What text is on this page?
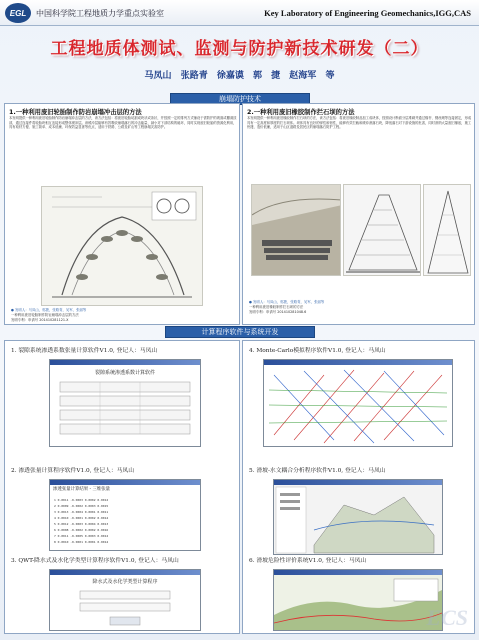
EGL	中国科学院工程地质力学重点实验室	Key Laboratory of Engineering Geomechanics,IGG,CAS
工程地质体测试、监测与防护新技术研发（二）
马凤山 张路青 徐嘉谟 郭 捷 赵海军 等
崩塌防护技术
1.一种利用废旧轮胎制作防岩崩塌冲击层的方法
本发明提供一种利用废旧轮胎制作防岩崩塌冲击层的方法，该方法包括：将废旧轮胎切割成块状或条状，并按照一定的排列方式铺设于需防护的坡面或棚洞顶部，通过连接件将轮胎块相互连接形成整体缓冲层。该缓冲层能够有效吸收崩塌落石的冲击能量，减小对下部结构的破坏，同时实现废旧轮胎的资源化利用，具有取材方便、施工简单、成本低廉、环保效益显著等优点，适用于铁路、公路及矿山等工程崩塌灾害防护。
● 发明人：马凤山，郭捷，张路青，吴军，张丽等
一种利用废旧轮胎制作防岩崩塌冲击层的方法
发明专利：申请号 201410281121.X
2.一种利用废旧橡胶制作拦石坝的方法
本发明提供一种利用废旧橡胶制作拦石坝的方法，该方法包括：将废旧橡胶制品加工成块体，按照设计断面分层堆砌并通过锚杆、钢丝绳等连接固定，形成具有一定高度和厚度的拦石坝体。坝体具有良好的弹性和韧性，能够有效拦截和缓冲滚落石块，降低落石对下游设施的危害，同时消纳大量废旧橡胶，施工快捷、造价低廉，适用于山区道路及居民区的崩塌落石防护工程。
● 发明人：马凤山，郭捷，张路青，吴军，张丽等
一种利用废旧橡胶制作拦石坝的方法
发明专利：申请号 201410281048.6
计算程序软件与系统开发
1. 裂隙系统渗透系数张量计算软件V1.0, 登记人：马凤山
裂隙系统渗透系数计算软件
2. 渗透张量计算程序软件V1.0, 登记人：马凤山
渗透张量计算结果 - 三维张量
1 0.0011 -0.0003 0.0002 0.0012
2 0.0009 -0.0002 0.0003 0.0015
3 0.0013 -0.0004 0.0001 0.0011
4 0.0010 -0.0001 0.0002 0.0014
5 0.0012 -0.0003 0.0004 0.0013
6 0.0008 -0.0002 0.0002 0.0016
7 0.0011 -0.0005 0.0003 0.0012
8 0.0010 -0.0001 0.0001 0.0014
3. QWT-降水式及水化学类型计算程序软件V1.0, 登记人：马凤山
降水式及水化学类型计算程序
4. Monte-Carlo模拟程序软件V1.0, 登记人：马凤山
5. 滑坡-水文耦合分析程序软件V1.0, 登记人：马凤山
6. 滑坡危险性评价系统V1.0, 登记人：马凤山
ECS
